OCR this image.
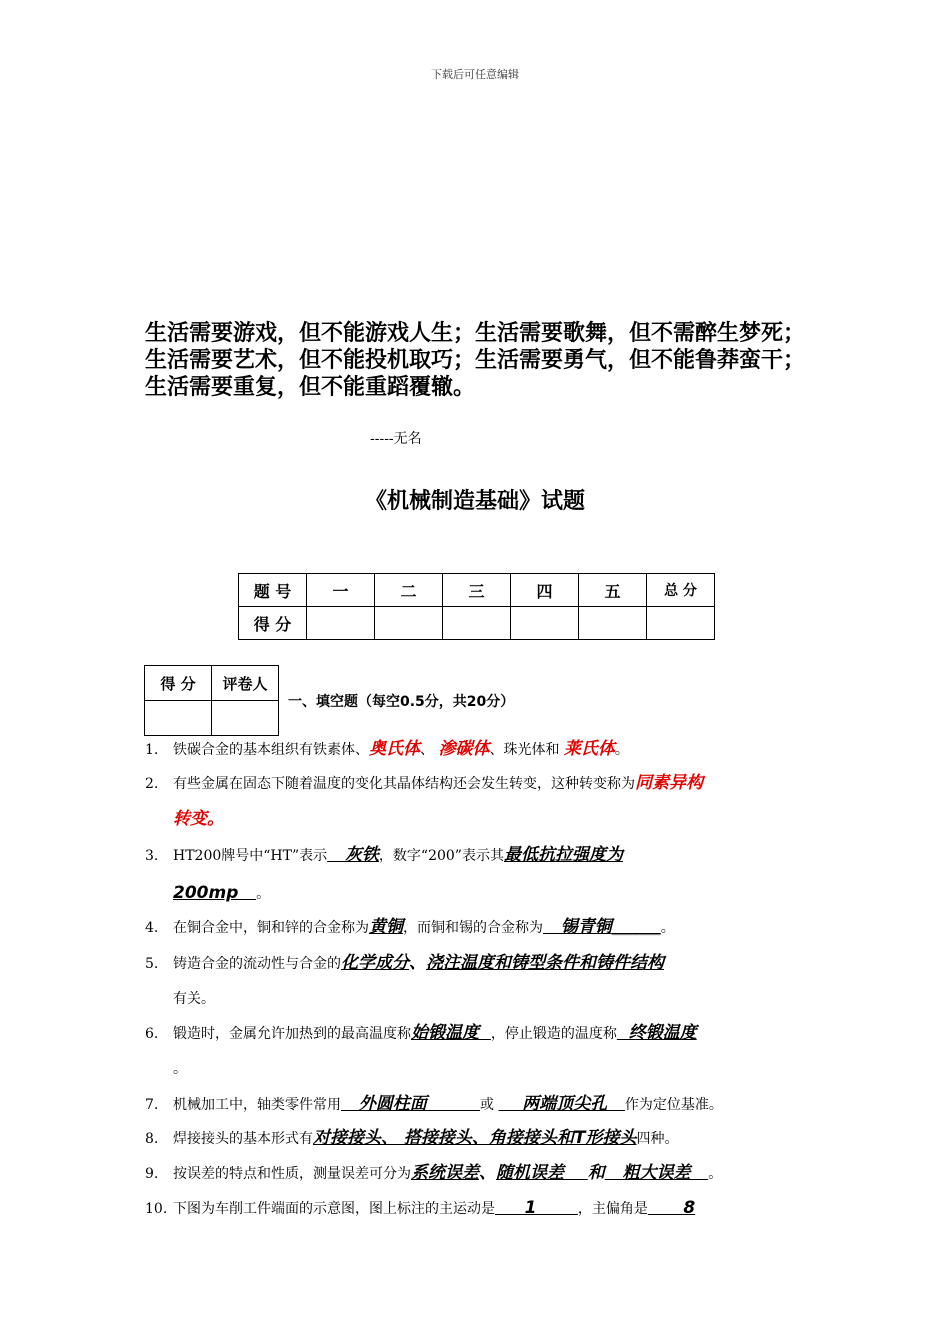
下载后可任意编辑
生活需要游戏，但不能游戏人生；生活需要歌舞，但不需醉生梦死；生活需要艺术，但不能投机取巧；生活需要勇气，但不能鲁莽蛮干；生活需要重复，但不能重蹈覆辙。
-----无名
《机械制造基础》试题
题 号	一	二	三	四	五	总 分
得 分						
得 分	评卷人

一、填空题（每空0.5分，共20分）
1. 铁碳合金的基本组织有铁素体、奥氏体、 渗碳体、珠光体和 莱氏体。
2. 有些金属在固态下随着温度的变化其晶体结构还会发生转变，这种转变称为同素异构
转变。
3. HT200牌号中“HT”表示   灰铁，数字“200”表示其最低抗拉强度为
200mp   。
4. 在铜合金中，铜和锌的合金称为黄铜，而铜和锡的合金称为   锡青铜_______。
5. 铸造合金的流动性与合金的化学成分、浇注温度和铸型条件和铸件结构
有关。
6. 锻造时，金属允许加热到的最高温度称始锻温度  ，停止锻造的温度称  终锻温度
。
7. 机械加工中，轴类零件常用   外圆柱面         或     两端顶尖孔   作为定位基准。
8. 焊接接头的基本形式有对接接头、 搭接接头、角接接头和T形接头四种。
9. 按误差的特点和性质，测量误差可分为系统误差、随机误差    和   粗大误差   。
10. 下图为车削工件端面的示意图，图上标注的主运动是     1       ，主偏角是      8
